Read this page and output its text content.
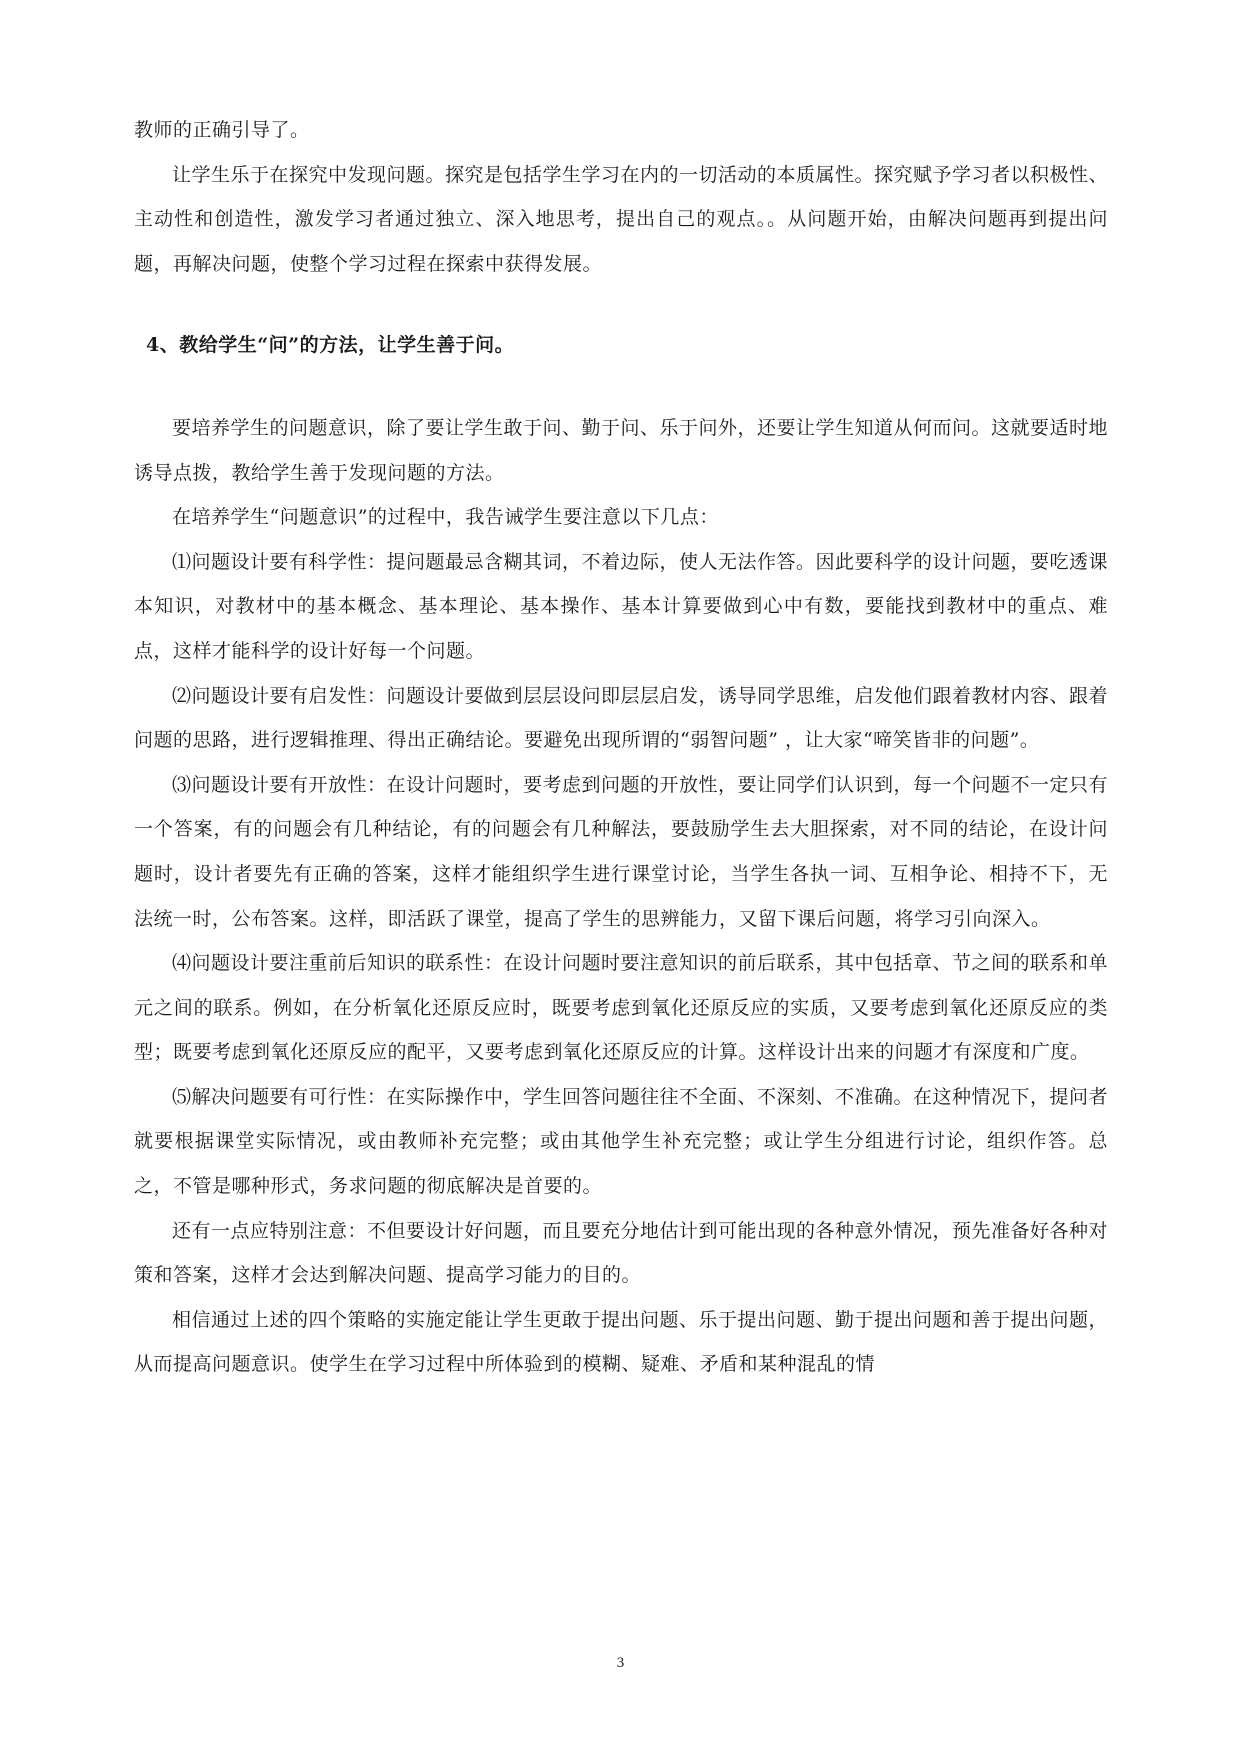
教师的正确引导了。

让学生乐于在探究中发现问题。探究是包括学生学习在内的一切活动的本质属性。探究赋予学习者以积极性、主动性和创造性，激发学习者通过独立、深入地思考，提出自己的观点。。从问题开始，由解决问题再到提出问题，再解决问题，使整个学习过程在探索中获得发展。

4、教给学生“问”的方法，让学生善于问。

要培养学生的问题意识，除了要让学生敢于问、勤于问、乐于问外，还要让学生知道从何而问。这就要适时地诱导点拨，教给学生善于发现问题的方法。

在培养学生“问题意识”的过程中，我告诫学生要注意以下几点：

⑴问题设计要有科学性：提问题最忌含糊其词，不着边际，使人无法作答。因此要科学的设计问题，要吃透课本知识，对教材中的基本概念、基本理论、基本操作、基本计算要做到心中有数，要能找到教材中的重点、难点，这样才能科学的设计好每一个问题。

⑵问题设计要有启发性：问题设计要做到层层设问即层层启发，诱导同学思维，启发他们跟着教材内容、跟着问题的思路，进行逻辑推理、得出正确结论。要避免出现所谓的“弱智问题” ，让大家“啼笑皆非的问题”。

⑶问题设计要有开放性：在设计问题时，要考虑到问题的开放性，要让同学们认识到，每一个问题不一定只有一个答案，有的问题会有几种结论，有的问题会有几种解法，要鼓励学生去大胆探索，对不同的结论，在设计问题时，设计者要先有正确的答案，这样才能组织学生进行课堂讨论，当学生各执一词、互相争论、相持不下，无法统一时，公布答案。这样，即活跃了课堂，提高了学生的思辨能力，又留下课后问题，将学习引向深入。

⑷问题设计要注重前后知识的联系性：在设计问题时要注意知识的前后联系，其中包括章、节之间的联系和单元之间的联系。例如，在分析氧化还原反应时，既要考虑到氧化还原反应的实质，又要考虑到氧化还原反应的类型；既要考虑到氧化还原反应的配平，又要考虑到氧化还原反应的计算。这样设计出来的问题才有深度和广度。

⑸解决问题要有可行性：在实际操作中，学生回答问题往往不全面、不深刻、不准确。在这种情况下，提问者就要根据课堂实际情况，或由教师补充完整；或由其他学生补充完整；或让学生分组进行讨论，组织作答。总之，不管是哪种形式，务求问题的彻底解决是首要的。

还有一点应特别注意：不但要设计好问题，而且要充分地估计到可能出现的各种意外情况，预先准备好各种对策和答案，这样才会达到解决问题、提高学习能力的目的。

相信通过上述的四个策略的实施定能让学生更敢于提出问题、乐于提出问题、勤于提出问题和善于提出问题，从而提高问题意识。使学生在学习过程中所体验到的模糊、疑难、矛盾和某种混乱的情

3
